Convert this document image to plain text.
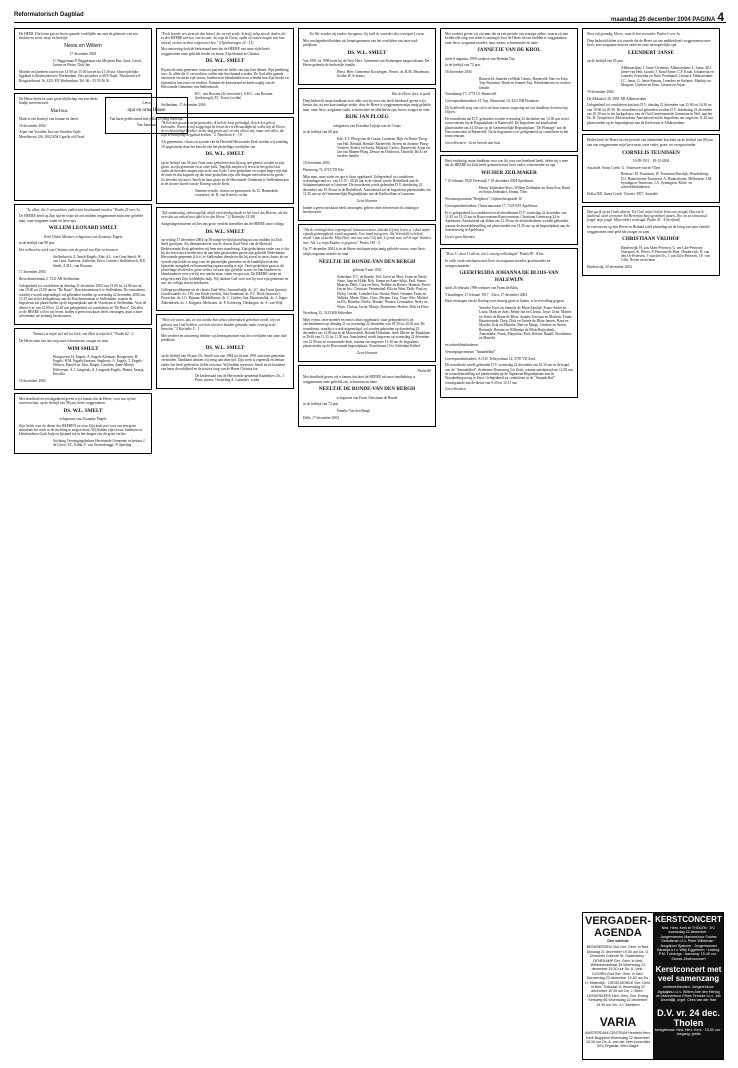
Reformatorisch Dagblad
maandag 20 december 2004 PAGINA 4

De HEER, Die leven gaf en leven spaarde, verblijdde ons met de geboorte van een dochter en zoon, zusje en broertje

Nesia en Willem

17 december 2004

G. Baggerman P. Baggerman-van Meijeren Bas, Joost, Gerrit, Janine en Pieter, Dirk-Jan

Moeder en kinderen rusten van 13.00 tot 15.00 uur en na 21.30 uur. Onze tijdelijke ligplaats is Beatrixhaven te Werkendam. Ons postadres is M/S Natal, Theshoven v/d Rosgaardstraat 16, 4251 EN Werkendam, Tel. 06 - 53 39 56 30

De Heere heeft tot onze grote blijdschap ons een derde kindje toevertrouwd.

Marinus

Mark is een broertje van Joanne en Jared.

16 december 2004

Arjan van Voorden, Ina van Voorden-Taale. Merelhoven 126, 2902 KM Capelle a/d IJssel

Lieve

opa en oma Haase

Van harte gefeliciteerd met jullie 25-jarig huwelijk.

Van Jonathan

"Is, allen, die U verwachten, zullen niet beschaamd worden." Psalm 25 vers 3a

De HEERE heeft op Zijn tijd en wijze uit ons midden weggenomen mijn zeer geliefde man, onze zorgzame vader en lieve opa

WILLEM LEONARD SMELT

Verbi Divini Minister, echtgenoot van Zwaantje Engels

in de leeftijd van 98 jaar.

Het volbrachte werk van Christus was de grond van Zijn vertrouwen.

Stellenbosch: Z. Smelt-Engels; Ede: A.L. van Gent-Smelt, W. van Gent, Saanvita, Anthonie, Erica, Lennert; Stellenbosch: B.E. Smelt, A.H.C. van Rossum

17 december 2004

Bosschenstermaat 2, 7231 AB Stellendam

Gelegenheid tot condoleren op dinsdag 21 december 2004 van 13.00 tot 14.00 uur en van 19.00 tot 21.00 uur in "De Ruwt", Boschiestermaat 6 te Stellendam. De rouwdienst, waarbij u wordt uitgenodigd, zal gehouden worden op woensdag 22 december 2004 om 13.15 uur in het kerkgebouw aan de Boschiestermaat te Stellendam, waarna de begrafenis zal plaatsvinden op de begraafplaats aan de Voorstraat te Stellendam. Voor de dienst is er van 12.00 tot 12.45 uur gelegenheid tot condoleren in "De Ruwt". Dit alles zo de HEERE wil en wij leven. Indien u geen rouwkaart heeft ontvangen, kunt u deze advertentie als zodanig beschouwen.

"Immers is mijne ziel stil tot God; van Hem is mijn heil." Psalm 62 : 2

De Heere nam van ons weg onze schoonzoon, zwager en oom

WIM SMELT

Hoogeveen: H. Engels, A. Engels-Kleiman; Hoogeveen: H. Engels, H.M. Engels-Janssen; Staphorst: A. Engels, T. Engels-Winters, Harold en Titia, Rutger, Caroline, Anne-Marije; Hilversum: A.J. Langerak, A. Langerak-Engels, Hanna, Anarja, Priscilla

18 december 2004

Met droefheid en verslagenheid geven wij u kennis dat de Heere, voor ons op het onverwachtst, op de leeftijd van 98 jaar, heeft weggenomen

DS. W.L. SMELT

echtgenoot van Zwaantje Engels

Zijn liefde voor de dienst des HEEREN en voor Zijn kerk was voor ons een grote stimulans het werk in de stichting te mogen doen. Wij bidden zijn vrouw, kinderen en kleinkinderen Gods hulp en bijstand toe in het dragen van dit grote verlies.

Stichting Vervangingsbeheer Hervormde Gemeente in bestuur J. de Groot, P.C. Klink, F. van Oostenbrugge, P. Sperling

"En ik hoorde een stem uit den hemel, die tot mij zeide: Schrijf, zalig zijn de doden, die in den HEERE sterven, van nu aan. Ja, zegt de Geest, opdat zij rusten mogen van hun arbeid, en hun werken volgen met hen." (Openbaringen 14 : 13)

Met ontroering dedt de kerkenraad mee dat de HEERE van onze zijde heeft weggenomen onze geliefde herder en leraar, Zijn dienaar in Christus

DS. W.L. SMELT

Hij mocht onze gemeente ruim zes jaar met de liefde van zijn hart dienen. Zijn prediking was: Ja, allen die U verwachten, zullen niet beschaamd worden. De God aller genade vertrooste en sterke zijn vrouw, kinderen en kleinkinderen en schenke hen Zijn kracht en bijstand in hun rouw en verdriet. Namens de kerkenraad en kerkvoogdij van de Hervormde Gemeente van Stellenbosch,

H.C. van Rossum (2e voorzitter), A.H.C. van Rossum (kerkvoogd), P.J. Troost (scriba)

Stellendam, 17 december 2004

"Ik heb den goeden strijd gestreden, ik heb de loop geëindigd, ik heb het geloof behouden. Voorts is mij weggelegd de kroon der rechtvaardigheid, welke mij de Heere, de rechtvaardige Rechter, in die dag geven zal; en niet alleen mij, maar ook allen, die Zijn verschijning liefgehad hebben." 2 Timotheüs 4 : 7,8

Als gemeenten, classis en synode van de Hersteld Hervormde Kerk werden wij zaterdag 18 opgeschrikt door het bericht van het plotselings overlijden van

DS. W.L. SMELT

op de leeftijd van 56 jaar. Naar onze gedachten kon hij nog niet gemist worden in zijn gezin, in zijn gemeente en in onze kerk. Tegelijk mogen wij leven in het geloof dat onder de broeders mogen zijn in de rust Gods. Geen gedachten en wegen hoger zijn dan de onze en dat dagaeen op die onze gedachten zijn, alle dingen meewerken ten goede. Zo bevelen wij mevr. Smelt en haar gezin en de Hervormde Gemeente te Stellendam aan in de trouwe hoede van de Koning van de Kerk.

Namens synode, classes en gemeenten: ds. D. Heemskerk, voorzitter; ds. R. van Kooten, scriba

"Zijt standvastig, onbewegelijk, altijd overvloedig zijnde in het werk des Heeren, als die weet dat uw arbeid niet ijdel is in den Heere." (1 Korinthe 15:58)

Aangeslagen moeten wij het ons groot verdriet meedelen dat de HEERE onze collega

DS. W.L. SMELT

op vrijdag 17 december 2004 op 56-jarige leeftijd plotseling uit ons midden tot Zich heeft geroepen. Als thematisdocent van de classis Zuid-West van de Hersteld Hedervormde Kerk geleerden wij hem met waardering. Zijn gedachtenis onder ons is dat hij als een trouwe herder met de aan hem geschonken gaven zijn geliefde Nederlandse Hervormde gemeente (i.h.v.) te Stellendam diende en dat hij zowel in onze classis als ter synode zijn liefde en zorg voor de plaatselijke gemeente en de landelijke kerk het bijzonder maagdeel en harmoniëing tegenwoordig te zijn. Onze gedachten gaan in dit plotselinge afscheid er grote verlies uit naar zijn geliefde vrouw en hun kinderen en kleinkinderen voor wie hij een unieke man, vader en opa was. De HEERE sterke en zeige hen met Zijn Goddelijke hulp. Wij danken God voor wat hij voor zijn gemeente en ons, als collega mocht betekenen.

Collega-predikanten uit de classis Zuid-West: Sommelsdijk, ds. J.C. den Toom (preses); Goudswaarde, ds. J.W. van Eerde (scriba); Sint Annaland, ds. P.C. Hoek (assessor); Poortvliet, ds. J.G. Bijman; Middelharnis, ds. C. Gielen; Sint Maartensdijk, ds. J. Joppe; Abbenbroek, ds. J. Kuijpers; Melissant, ds. P. Korteweg; Herkingen, ds. A. van Wijk

"Weet wij weten, dat, zo ons aardse huis dezes tabernakels gebroken wordt, wij een gebouw van God hebben, een huis niet met handen gemaakt, maar eeuwig in de hemelen." 2 Korinthe 5 : 1

Met verdriet en ontroering hebben wij kennisgenomen van het overlijden van onze oud-predikant

DS. W.L. SMELT

op de leeftijd van 56 jaar. Ds. Smelt was van 1984 tot en met 1991 aan onze gemeente verbonden. Dankbaar denken wij terug aan deze tijd. Zijn werk is zegenrijk en lemaar onder ons heeft gediend in liefde en trouw. Wij bidden mevrouw Smelt en de kinderen van harte de nabijheid en de trouwe zorg van de Heere Christus toe.

De kerkenraad van de Hervormde gemeente Kaabeltjee, Ds. J. Prins, preses; Oosterling A. Lammers, scriba

Wees mij genadig, Heere, want ik ben verzwakt; Psalm 6 vers 3a

Diep bedroefd delen wij u mede dat de Heere uit ons midden heeft weggenomen onze lieve, zeer zorgzame man en vader en onze onvergetelijke opa

LEENDERT JANSE

op de leeftijd van 85 jaar.

Alblasserdam: J. Janse-Clements; Alblasserdam: L. Janse, M.J. Janse-van Hek; Gouda: J. Kraal-Janse, C.F. Kraal, Johannetta en Leander, Franciska en Nuls, Ferdinand, Leonard; Alblasserdam: J.C. Janse, G. Janse-Simons, Leendert en Stefanie, Matthijs en Margriet, Gijsbert en Erna, Leonne en Arjan

19 december 2004

De Alblashof 36, 2991 XR Alblasserdam

Gelegenheid tot condoleren aan huis D.V. dinsdag 21 december van 15.00 tot 16.30 en van 19.00 tot 20.30. De rouwdienst zal gehouden worden D.V. donderdag 23 december om 10.30 uur in het kerkgebouw van de Oud Gereformeerde Gemeente in Ned. aan het Ds. B. Teseplein te Alblasserdam. Aansluitend zal de begrafenis om ongeveer 11.45 uur plaatsvinden op de begraafplaats aan de Kerkstraat te Alblasserdam.

Heden heeft de Heere na een periode van afnemende krachten op de leeftijd van 88 jaar van ons weggenomen mijn lieve man, onze vader, groot- en overgrootvader

CORNELIS TEUNISSEN

19-09-1911 · 18-12-2004

Australië, Stony Creek: G. Teunissen-van de Vliert

Renesse: M. Teunissen, W. Teunissen-Knodijk; Woudenberg: D.J. Haanschoten-Teunissen, A. Haanschoten; Melbourne: J.M. Symington-Teunissen, J.A. Symington; Klein- en achterkleinkinderen

Dollar RD, Stony Creek, Victoria 3957, Australië

Dan ga ik op tot Gods altaren, Tot God, mijn God de bron van vreugd, Dan zal ik juichend, sterk en maren Tot Hem mijn harp gevathvel panen, Die, na zo tortuosisd, jeugd, mijn jeugd. Mijn redder verheugd. Psalm 43 : 4 (berijmd)

In vertrouwen op zijn Heere en Heiland werd plotseling uit de kring van onze familie weggenomen onze geliefde zwager en oom

CHRISTIAAN VRIJHOF

Harderwijk: H. van Aken-Petersen, G. ten Cate-Petersen; Nunspeet: K. Peters, P. Petersen-de Boer; Harderwijk: N. van den Os-Petersen, J. van den Os, J. van Gilst-Petersen, J.P. van Gilst, Neven en nichten

Harderwijk, 20 december 2004

VERGADER-AGENDA
Den volende
BEEKBERGEN Oud Ger. Gem. in Ned. Dinsdag 21 december 19.30 uur Ds. G. Clements Collecte St. Gaderoteny · DENEKAMP Ger. Gem. in Ned. Wilhelminastraat 39 Woensdag 22 december 19.30 uur Ds. A. Vink · DOORN Oud Ger. Gem. in Ned. Donderdag 23 december 19.30 uur Ds. H. Molendijk · IJSSELMONDE Ger. Gem. in Ned. Treksaat 11 Woensdag 22 december 19.30 uur Ds. J. Bezo · LEKKERKERK Ned. Herv. Ger. Evang. Kerkweg 66 Woensdag 22 december 19.30 uur Ds. J.J. Boetkem
VARIA
AMSTERDAM-CENTRUM Hersteld Herv. Kerk Bogijnhof Woensdag 22 december 15.30 uur Ds. A. van der Veer (voorzitter BO) Organist: Wim Magré
KERSTCONCERT
Ned. Herv. Kerk te THOLEN · DV. woensdag 22 december · Jongemannen-Mannenkoor Gooise Kerkdienst o.l.v. Peter Wildeman · Jeugdkoor Sjaloom · Jongemannen Hananja o.l.v. Willy Eggebeen · Leiding: P.M. Tuinenga · Aanvang: 19.45 uur · Sloeze-Zedenconcert
Kerstconcert met veel samenzang
medewerkenden: Jongerenkoor Jigdaljahu o.l.v. Willem Arie den Hertog en Mannenkoor Ethan Yeroske o.l.v. Job Dezeldijk, orgel: Cees van der Hart
D.V. vr. 24 dec. Tholen
kerkgebouw: Ned. Herv. Kerk · 15.30 uur · toegang: gratis

Met verdriet geven wij u kennis dat na een periode van ernstige ziekte, waarin zij met liefdevolle zorg van velen is omringd, door de Heere uit ons midden is weggenomen onze lieve, zorgzame moeder, oma, zuster, schoonzuster en tante

JANNETJE VAN DE KROL

sinds 8 augustus 1998 weduwe van Herman Top

in de leeftijd van 72 jaar.

18 december 2004

Barneveld: Janneke en Henk Geurts; Barneveld: Bart en Erna Top; Bruinisse: Henk en Jeannet Top; Kleinkinderen en verdere familie

Vurenkamp 17, 3773 CL Barneveld

Correspondentieadres: H. Top, Sleinstraat 10, 4311 BH Bruinisse

De liefdevolle zorg van velen uit haar naaste omgeving zal een dankbare herinnering blijven.

De rouwdienst zal D.V. gehouden worden woensdag 22 december om 13.30 uur in het rouwcentrum bij de Begraafplaats te Barneveld. De begrafenis zal aansluitend plaatsvinden om 14.30 uur op de Gemeentelijke Begraafplaats "De Plantage" aan de Narcissenstraat in Barneveld. Na de begrafenis is er gelegenheid tot condoleren in het rouwcentrum.

Geen bloemen - Geen bezoek aan huis

Heel verdrietig, maar dankbaar voor wat hij voor ons betekend heeft, delen wij u mee dat de HEERE tot Zich heeft genomen onze lieve vader, schoonvader en opa

WICHER ZEILMAKER

* 10 februari 1920 Vreeswijk † 18 december 2004 Apeldoorn

Henny Zeilmaker-Slots; Willem Zeilmaker en Anna Kos; Ruud en Sonja Zeilmaker, Emma, Tobe

Woonzorgcentrum "Berghorst", Gijsbrechtsgaarde 30

Correspondentieadres: Oratoriumstraat 17, 7325 KW Apeldoorn

Er is gelegenheid tot condoleren en afscheidnemen D.V. woensdag 22 december van 12.45 tot 13.15 uur in Rouwcentrum Rouwcentrum, Christiaan Geertsweg 24 te Apeldoorn. Aansluitend zal aldaar om 13.30 uur de afscheidsdienst worden gehouden, waarna de teraardebestelling zal plaatsvinden om 14.30 uur op de begraafplaats aan de Soerenseweg te Apeldoorn.

Liever geen bloemen

"Door U, door U alleen, om 't eeuwig welbehagen" Psalm 89 : 8 ber.

In volle vrede ontslapen onze lieve en zorgzame moeder, grootmoeder en overgrootmoeder

GEERTRUIDA JOHANNA DE BLOIS-VAN HALEWIJN

sinds 26 februari 1996 weduwe van Frans de Blois

Vlaardingen, 27 februari 1917 · Zeist, 17 december 2004

Haar verlangen om de Koning voor eeuwig groet te bjuien, is in vervulling gegaan.

Yerseke: Kees en Jannetje de Blois-Zandijk; Franz-André en Laura, Mark en Judy, Reinil-Jan en Christa, Jesse; Zeist: Marten en Trinet de Bruin-de Blois; Sander, Gerrijan en Marleen, Frank; Haarsterunde; Dorp: Dick en Tonnie de Blois-Jansen, Hans en Marijke, Erik en Marieke, Bart en Margo, Gerdine en Anton; Reinwijk: Reinier en Willemijn de Blois-Rejiterkerk, Annemieke, Frank, Marjolein, Rick, Reinier Daniël, Noodtemus en Marieke

en achterkleinkinderen

Verzorgingscentrum "Amandelhof"

Correspondentieadres: A.O.H. Telleyerdaan 12, 3705 VD Zeist

De rouwdienst wordt gehouden D.V. woensdag 22 december om 10.30 uur in de kapel van de "Amandelhof", Arnhemse Bovenweg 2 te Zeist, waarna aansluitend om 12.00 uur de teraardebestelling zal plaatsvinden op de Algemene Begraafplaats aan de Woudenbergseweg te Zeist. Gelegenheid tot condoleren in de "Amandelhof" voorafgaande aan de dienst van 9.30 tot 10.15 uur.

Geen bloemen

Tot Wie zouden wij anders heengaan, Gij hebt de woorden des eeuwigen Levens.

Met verslagenheid hebben wij kennisgenomen van het overlijden van onze oud-predikant

DS. W.L. SMELT

Van 1991 tot 1998 heeft hij de Ned. Herv. Gemeente van Koekengen mogen dienen. De Heere gedenke de bedroefde familie.

Herst. Herv. Gemeente Kockengen. Preses: ds. B.M. Mealeman; Scriba: B. Schreurs

Wat de Heere doet, is goed.

Diep bedroefd, maar dankbaar voor alles wat hij voor ons heeft betekend, geven wij u kennis dat, na een kortstondige ziekte, door de Heere is weggenomen mijn innig geliefde man, onze lieve, zorgzame vader, schoonvader en allerliefste opa, broer, zwager en oom

RIJK JAN PLOEG

echtgenoot van Everdina Trijntje van de Craats

in de leeftijd van 60 jaar.

Ede: E.T. Ploeg-van de Craats; Lunteren: Rijk en Tinnie Ploeg-van Hal, Reinald, Renske; Barneveld: Steven en Jeanette Ploeg-Versteer, Roelof en Sacha, Michael, Carlos; Barneveld: Arjan en Jan van Manen-Ploeg, Denise en Diederick, Daniëlle, Rick; en verdere familie

18 december 2004

Heezeweg 74, 6718 TD Ede

Mijn man, onze vader en opa is thuis opgebaard. Gelegenheid tot condoleren woensdagavond a.s. van 19.15 - 20.30 uur in de rijzaal van de Bethelkerk aan de Schapenmaatstraat te Lunteren. De rouwdienst wordt gehouden D.V. donderdag 23 december om 10.30 uur in de Bethelkerk. Aansluitend zal de begrafenis plaatsvinden om 11.30 uur op de Gemeentelijke Begraafplaats aan de Kerkhoflaan te Lunteren.

Geen bloemen

Indien u geen rouwkaart heeft ontvangen, gelieve deze advertentie als zodanig te beschouwen.

"Als ik, omringd door tegenspoed, benauwen moet, schenkt Gij mij leven, u 't doel mijns vijands grimmigheid, wordt nogmaals Uwe hand mij geven. Als Vriend dit is beleid, wordt 't aan al sterkt. Mijn Heer, wat niet was? Gij zult, Gij zult vast, wil ik mijn Vrinden mee. Als 't u, mijn Redder, is gegeven." Psalm 138 : 4

Op 17 december 2004 is in de Heere ontslapen mijn innig geliefde vrouw, onze lieve, altijd zorgzame moeder en oma

NEELTJE DE RONDE-VAN DEN BERGH

geboren 9 mei 1932

Schiedam: F.C. de Ronde; Tiel: Geert en Meri, Frans en Neely-Anne, Jaap en Hilde, Rob, Simon en Anne-Julija, Paul, Sanne, Maartje; Delft: Cora en Peter, Nelleke en Robert, Hannah, Pieter-Jan en Iris, Christian; Veenendaal: Ella en Wim; Delft: Paul en Dicky, Gerdie, Leendert-Jan, Nieske, Rens; Ommen: Frans en Nelleke, Marie, Eline, Chris, Mirjam, Lisa, Timo; Ede: Michiel en Els, Bieneke, Elieke, Maaike, Wouter; Leimuiden: Neely en Wijm, Christa, Jacob, Marije; Rotterdam: Heleen, Dirk en Elise

Woudweg 12, 3123 KB Schiedam

Mijn vrouw, onze moeder en oma is thuis opgebaard, waar gelegenheid is tot afscheidnemen op dinsdag 21 en woensdag 22 december van 18.30 tot 20.30 uur. De rouwdienst, waarbij u wordt uitgenodigd, zal worden gehouden op donderdag 23 december om 12.00 uur in de Marcuskerk, Roland Holstlaan, hoek Merwe ter Braaklaan te Delft van 11.15 tot 11.50 uur. Aansluitend wordt begraven op woensdag 22 december om 12.00 uur in voornoemde kerk, waarna om ongeveer 13.30 uur de begrafenis plaatsvinden op de Hervormde begraafplaats, Noordstraat 10 te Schiedam-Kethel.

Geen bloemen

Psalm 86

Met droefheid geven wij u kennis dat door de HEERE uit onze familiekring is weggenomen onze geliefde zus, schoonzus en tante

NEELTJE DE RONDE-VAN DEN BERGH

echtgenote van Frans Christiaan de Ronde

in de leeftijd van 72 jaar.

Familie Van den Bergh

Delft, 17 december 2004
